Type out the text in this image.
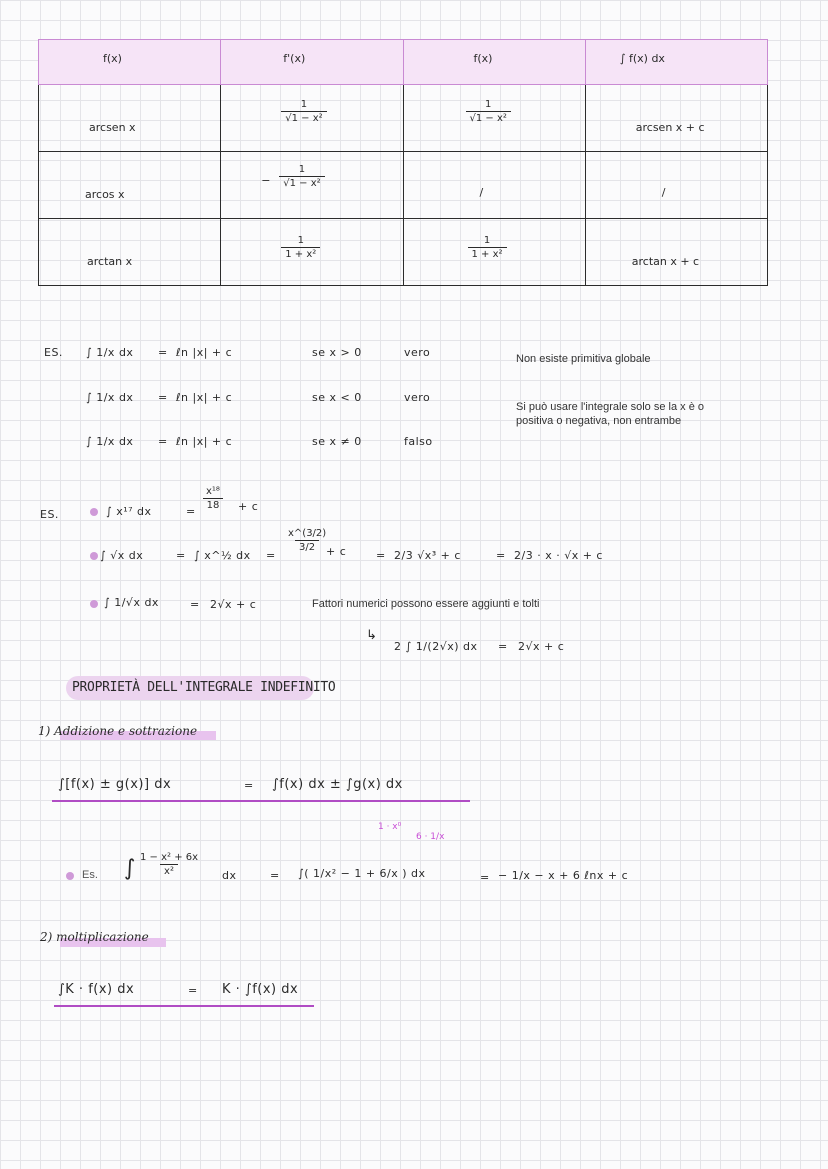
f(x)	f'(x)	f(x)	∫ f(x) dx

arcsen x	$\frac{1}{\text{√1 − x²}}$	$\frac{1}{\text{√1 − x²}}$	arcsen x + c

arcos x	− $\frac{1}{\text{√1 − x²}}$	/	/

arctan x	$\frac{1}{\text{1 + x²}}$	$\frac{1}{\text{1 + x²}}$	arctan x + c
ES. ∫ 1/x dx = ℓn |x| + c	se x > 0	vero
∫ 1/x dx = ℓn |x| + c	se x < 0	vero
∫ 1/x dx = ℓn |x| + c	se x ≠ 0	falso
Non esiste primitiva globale
Si può usare l'integrale solo se la x è o
positiva o negativa, non entrambe
ES.	∫ x¹⁷ dx	=
$\frac{\text{x¹⁸}}{18} + c$
∫ √x dx	= ∫ x^½ dx =
$\frac{x\^{}(3/2)}{3/2}$
+ c	= 2/3 √x³ + c	= 2/3 · x · √x + c
∫ 1/√x dx	= 2√x + c	Fattori numerici possono essere aggiunti e tolti
↳
2 ∫ 1/(2√x) dx = 2√x + c
PROPRIETÀ DELL'INTEGRALE INDEFINITO
1) Addizione e sottrazione
∫[f(x) ± g(x)] dx	= ∫f(x) dx ± ∫g(x) dx
Es. ∫ $\frac{\text{1 − x² + 6x}}{\text{x²}}$ dx	= ∫( 1/x² − 1 + 6/x ) dx
1 · x⁰
6 · 1/x
= − 1/x − x + 6 ℓnx + c
2) moltiplicazione
∫K · f(x) dx	= K · ∫f(x) dx
